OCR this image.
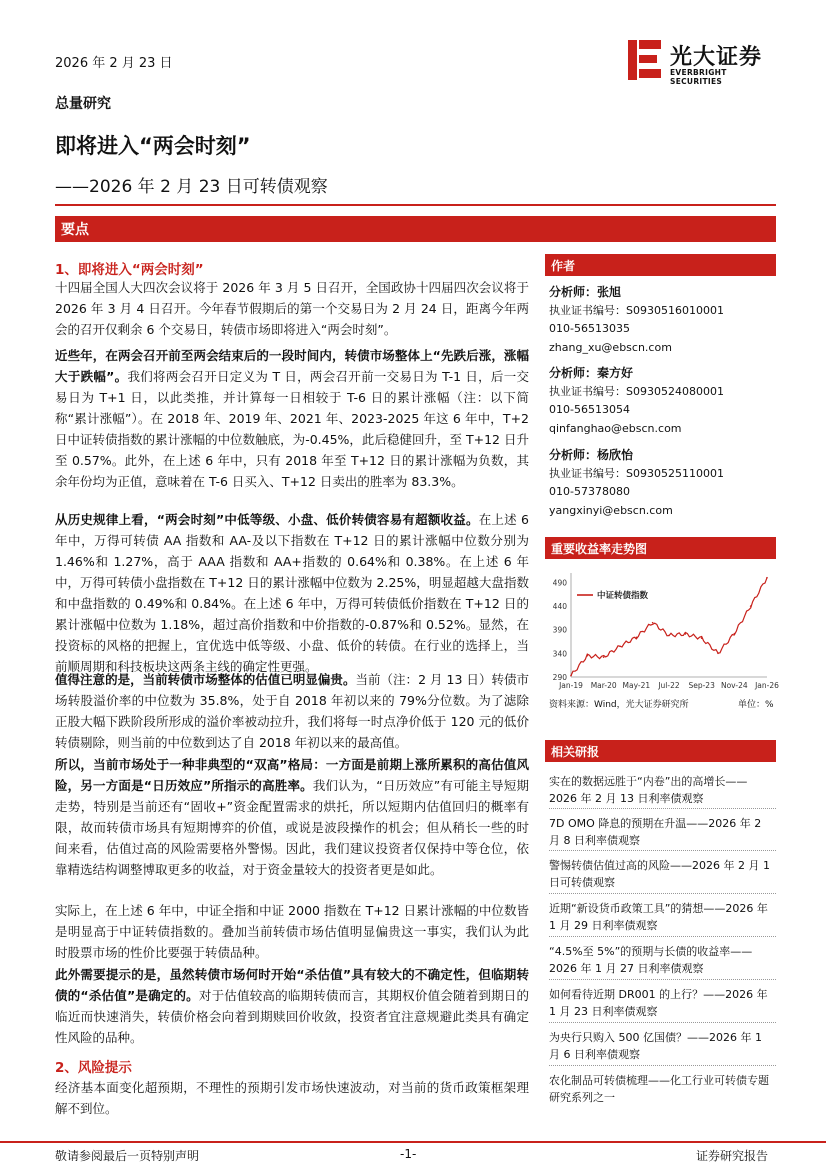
2026 年 2 月 23 日	光大证券
EVERBRIGHT SECURITIES
总量研究
即将进入“两会时刻”
——2026 年 2 月 23 日可转债观察
要点
1、即将进入“两会时刻”

十四届全国人大四次会议将于 2026 年 3 月 5 日召开，全国政协十四届四次会议将于 2026 年 3 月 4 日召开。今年春节假期后的第一个交易日为 2 月 24 日，距离今年两会的召开仅剩余 6 个交易日，转债市场即将进入“两会时刻”。

近些年，在两会召开前至两会结束后的一段时间内，转债市场整体上“先跌后涨，涨幅大于跌幅”。我们将两会召开日定义为 T 日，两会召开前一交易日为 T-1 日，后一交易日为 T+1 日，以此类推，并计算每一日相较于 T-6 日的累计涨幅（注：以下简称“累计涨幅”）。在 2018 年、2019 年、2021 年、2023-2025 年这 6 年中，T+2 日中证转债指数的累计涨幅的中位数触底，为-0.45%，此后稳健回升，至 T+12 日升至 0.57%。此外，在上述 6 年中，只有 2018 年至 T+12 日的累计涨幅为负数，其余年份均为正值，意味着在 T-6 日买入、T+12 日卖出的胜率为 83.3%。

从历史规律上看，“两会时刻”中低等级、小盘、低价转债容易有超额收益。在上述 6 年中，万得可转债 AA 指数和 AA-及以下指数在 T+12 日的累计涨幅中位数分别为 1.46%和 1.27%，高于 AAA 指数和 AA+指数的 0.64%和 0.38%。在上述 6 年中，万得可转债小盘指数在 T+12 日的累计涨幅中位数为 2.25%，明显超越大盘指数和中盘指数的 0.49%和 0.84%。在上述 6 年中，万得可转债低价指数在 T+12 日的累计涨幅中位数为 1.18%，超过高价指数和中价指数的-0.87%和 0.52%。显然，在投资标的风格的把握上，宜优选中低等级、小盘、低价的转债。在行业的选择上，当前顺周期和科技板块这两条主线的确定性更强。

值得注意的是，当前转债市场整体的估值已明显偏贵。当前（注：2 月 13 日）转债市场转股溢价率的中位数为 35.8%，处于自 2018 年初以来的 79%分位数。为了滤除正股大幅下跌阶段所形成的溢价率被动拉升，我们将每一时点净价低于 120 元的低价转债剔除，则当前的中位数到达了自 2018 年初以来的最高值。

所以，当前市场处于一种非典型的“双高”格局：一方面是前期上涨所累积的高估值风险，另一方面是“日历效应”所指示的高胜率。我们认为，“日历效应”有可能主导短期走势，特别是当前还有“固收+”资金配置需求的烘托，所以短期内估值回归的概率有限，故而转债市场具有短期博弈的价值，或说是波段操作的机会；但从稍长一些的时间来看，估值过高的风险需要格外警惕。因此，我们建议投资者仅保持中等仓位，依靠精选结构调整博取更多的收益，对于资金量较大的投资者更是如此。

实际上，在上述 6 年中，中证全指和中证 2000 指数在 T+12 日累计涨幅的中位数皆是明显高于中证转债指数的。叠加当前转债市场估值明显偏贵这一事实，我们认为此时股票市场的性价比要强于转债品种。

此外需要提示的是，虽然转债市场何时开始“杀估值”具有较大的不确定性，但临期转债的“杀估值”是确定的。对于估值较高的临期转债而言，其期权价值会随着到期日的临近而快速消失，转债价格会向着到期赎回价收敛，投资者宜注意规避此类具有确定性风险的品种。

2、风险提示

经济基本面变化超预期，不理性的预期引发市场快速波动，对当前的货币政策框架理解不到位。

作者
分析师：张旭
执业证书编号：S0930516010001
010-56513035
zhang_xu@ebscn.com
分析师：秦方好
执业证书编号：S0930524080001
010-56513054
qinfanghao@ebscn.com
分析师：杨欣怡
执业证书编号：S0930525110001
010-57378080
yangxinyi@ebscn.com
重要收益率走势图
290
340
390
440
490
Jan-19 Mar-20 May-21 Jul-22 Sep-23 Nov-24 Jan-26
中证转债指数
资料来源：Wind，光大证券研究所	单位：%
相关研报
实在的数据远胜于“内卷”出的高增长——2026 年 2 月 13 日利率债观察
7D OMO 降息的预期在升温——2026 年 2 月 8 日利率债观察
警惕转债估值过高的风险——2026 年 2 月 1 日可转债观察
近期“新设货币政策工具”的猜想——2026 年 1 月 29 日利率债观察
“4.5%至 5%”的预期与长债的收益率——2026 年 1 月 27 日利率债观察
如何看待近期 DR001 的上行？——2026 年 1 月 23 日利率债观察
为央行只购入 500 亿国债？——2026 年 1 月 6 日利率债观察
农化制品可转债梳理——化工行业可转债专题研究系列之一
敬请参阅最后一页特别声明	-1-	证券研究报告
